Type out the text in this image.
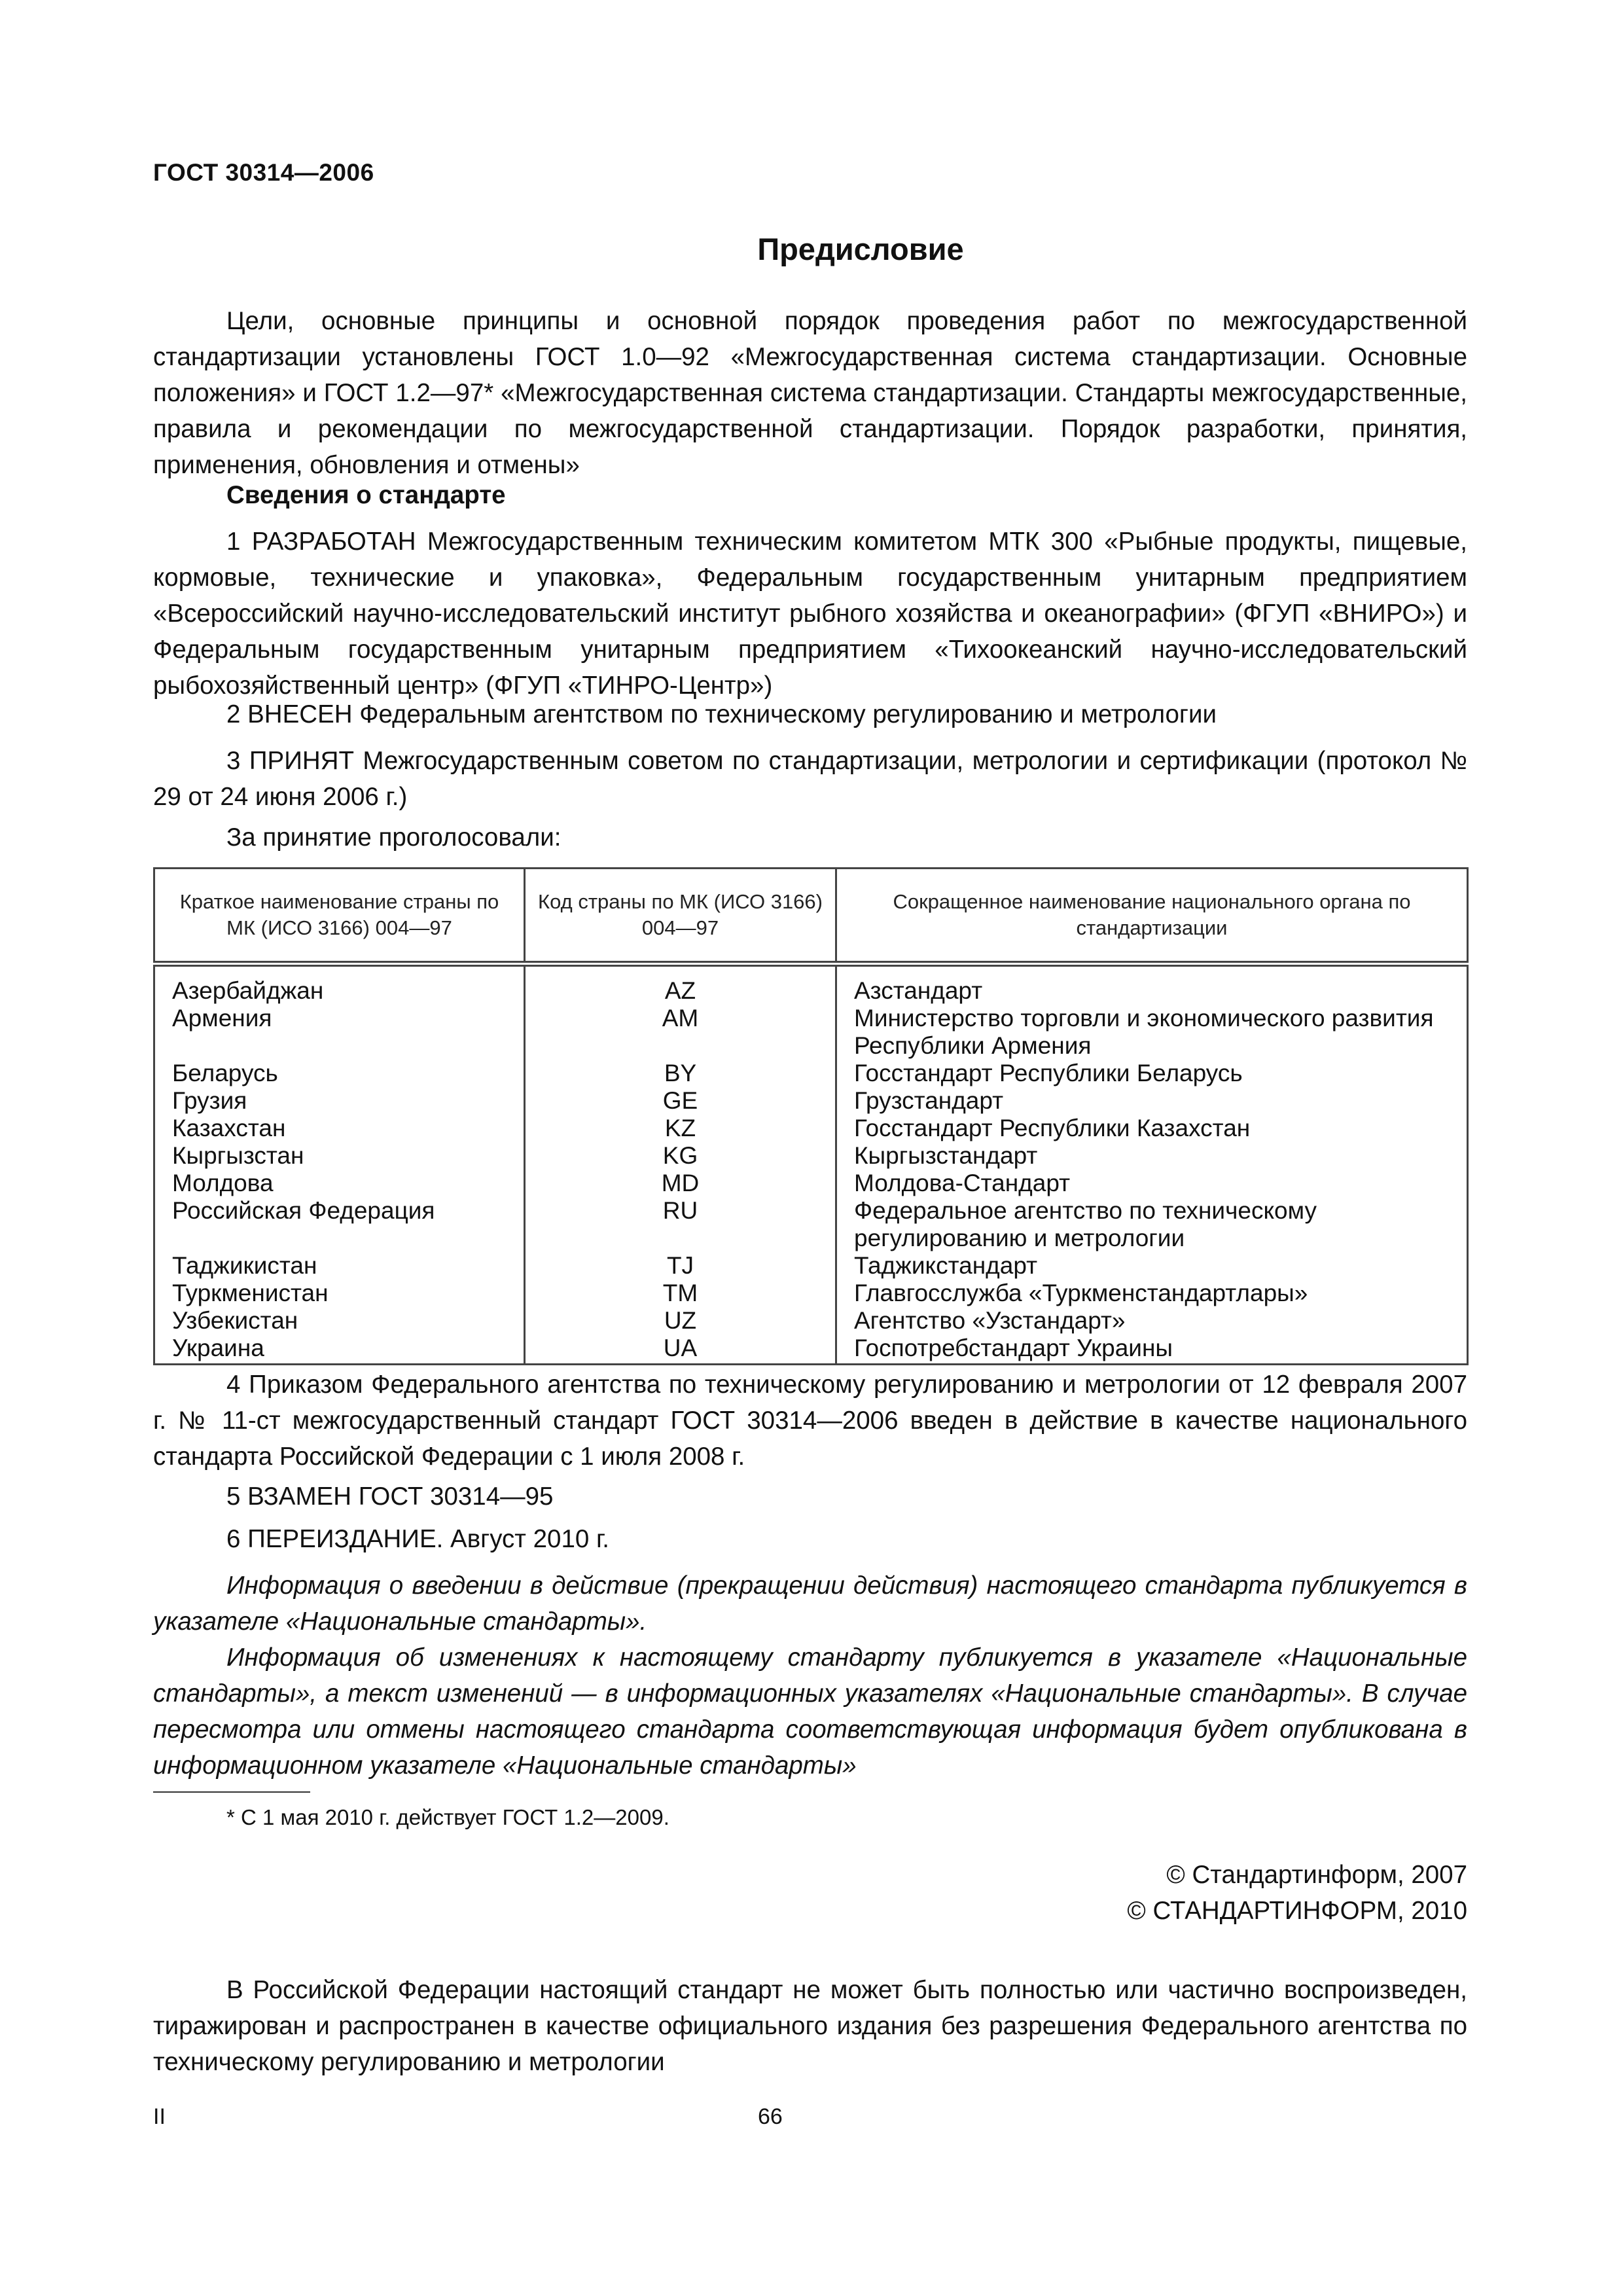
ГОСТ 30314—2006
Предисловие

Цели, основные принципы и основной порядок проведения работ по межгосударственной стандартизации установлены ГОСТ 1.0—92 «Межгосударственная система стандартизации. Основные положения» и ГОСТ 1.2—97* «Межгосударственная система стандартизации. Стандарты межгосударственные, правила и рекомендации по межгосударственной стандартизации. Порядок разработки, принятия, применения, обновления и отмены»

Сведения о стандарте

1 РАЗРАБОТАН Межгосударственным техническим комитетом МТК 300 «Рыбные продукты, пищевые, кормовые, технические и упаковка», Федеральным государственным унитарным предприятием «Всероссийский научно-исследовательский институт рыбного хозяйства и океанографии» (ФГУП «ВНИРО») и Федеральным государственным унитарным предприятием «Тихоокеанский научно-исследовательский рыбохозяйственный центр» (ФГУП «ТИНРО-Центр»)

2 ВНЕСЕН Федеральным агентством по техническому регулированию и метрологии

3 ПРИНЯТ Межгосударственным советом по стандартизации, метрологии и сертификации (протокол № 29 от 24 июня 2006 г.)

За принятие проголосовали:
Краткое наименование страны по МК (ИСО 3166) 004—97	Код страны по МК (ИСО 3166) 004—97	Сокращенное наименование национального органа по стандартизации
Азербайджан	AZ	Азстандарт
Армения	AM	Министерство торговли и экономического развития
		Республики Армения
Беларусь	BY	Госстандарт Республики Беларусь
Грузия	GE	Грузстандарт
Казахстан	KZ	Госстандарт Республики Казахстан
Кыргызстан	KG	Кыргызстандарт
Молдова	MD	Молдова-Стандарт
Российская Федерация	RU	Федеральное агентство по техническому
		регулированию и метрологии
Таджикистан	TJ	Таджикстандарт
Туркменистан	TM	Главгосслужба «Туркменстандартлары»
Узбекистан	UZ	Агентство «Узстандарт»
Украина	UA	Госпотребстандарт Украины

4 Приказом Федерального агентства по техническому регулированию и метрологии от 12 февраля 2007 г. № 11-ст межгосударственный стандарт ГОСТ 30314—2006 введен в действие в качестве национального стандарта Российской Федерации с 1 июля 2008 г.

5 ВЗАМЕН ГОСТ 30314—95
6 ПЕРЕИЗДАНИЕ. Август 2010 г.

Информация о введении в действие (прекращении действия) настоящего стандарта публикуется в указателе «Национальные стандарты».

Информация об изменениях к настоящему стандарту публикуется в указателе «Национальные стандарты», а текст изменений — в информационных указателях «Национальные стандарты». В случае пересмотра или отмены настоящего стандарта соответствующая информация будет опубликована в информационном указателе «Национальные стандарты»

* С 1 мая 2010 г. действует ГОСТ 1.2—2009.
© Стандартинформ, 2007
© СТАНДАРТИНФОРМ, 2010

В Российской Федерации настоящий стандарт не может быть полностью или частично воспроизведен, тиражирован и распространен в качестве официального издания без разрешения Федерального агентства по техническому регулированию и метрологии

II	66
